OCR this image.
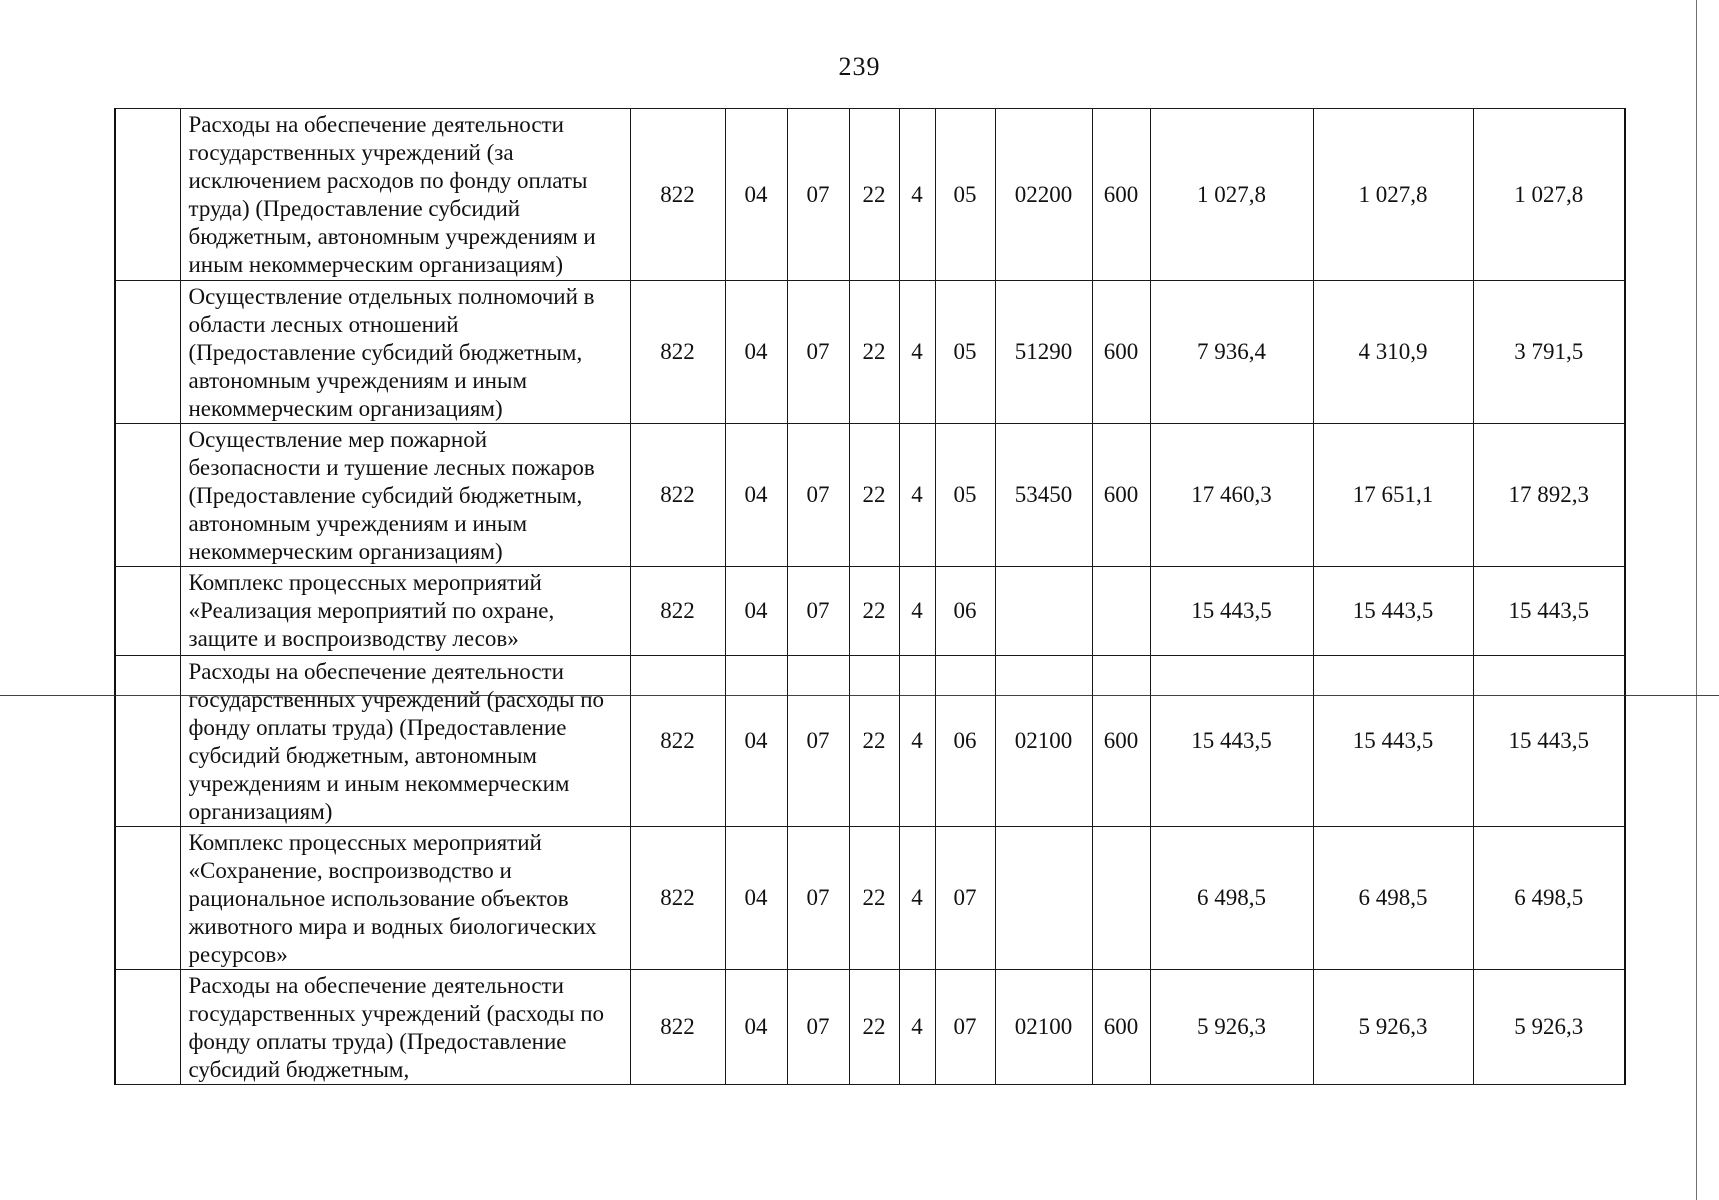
239
	Расходы на обеспечение деятельности государственных учреждений (за исключением расходов по фонду оплаты труда) (Предоставление субсидий бюджетным, автономным учреждениям и иным некоммерческим организациям)	822	04	07	22	4	05	02200	600	1 027,8	1 027,8	1 027,8
	Осуществление отдельных полномочий в области лесных отношений (Предоставление субсидий бюджетным, автономным учреждениям и иным некоммерческим организациям)	822	04	07	22	4	05	51290	600	7 936,4	4 310,9	3 791,5
	Осуществление мер пожарной безопасности и тушение лесных пожаров (Предоставление субсидий бюджетным, автономным учреждениям и иным некоммерческим организациям)	822	04	07	22	4	05	53450	600	17 460,3	17 651,1	17 892,3
	Комплекс процессных мероприятий «Реализация мероприятий по охране, защите и воспроизводству лесов»	822	04	07	22	4	06			15 443,5	15 443,5	15 443,5
	Расходы на обеспечение деятельности государственных учреждений (расходы по фонду оплаты труда) (Предоставление субсидий бюджетным, автономным учреждениям и иным некоммерческим организациям)	822	04	07	22	4	06	02100	600	15 443,5	15 443,5	15 443,5
	Комплекс процессных мероприятий «Сохранение, воспроизводство и рациональное использование объектов животного мира и водных биологических ресурсов»	822	04	07	22	4	07			6 498,5	6 498,5	6 498,5
	Расходы на обеспечение деятельности государственных учреждений (расходы по фонду оплаты труда) (Предоставление субсидий бюджетным,	822	04	07	22	4	07	02100	600	5 926,3	5 926,3	5 926,3
